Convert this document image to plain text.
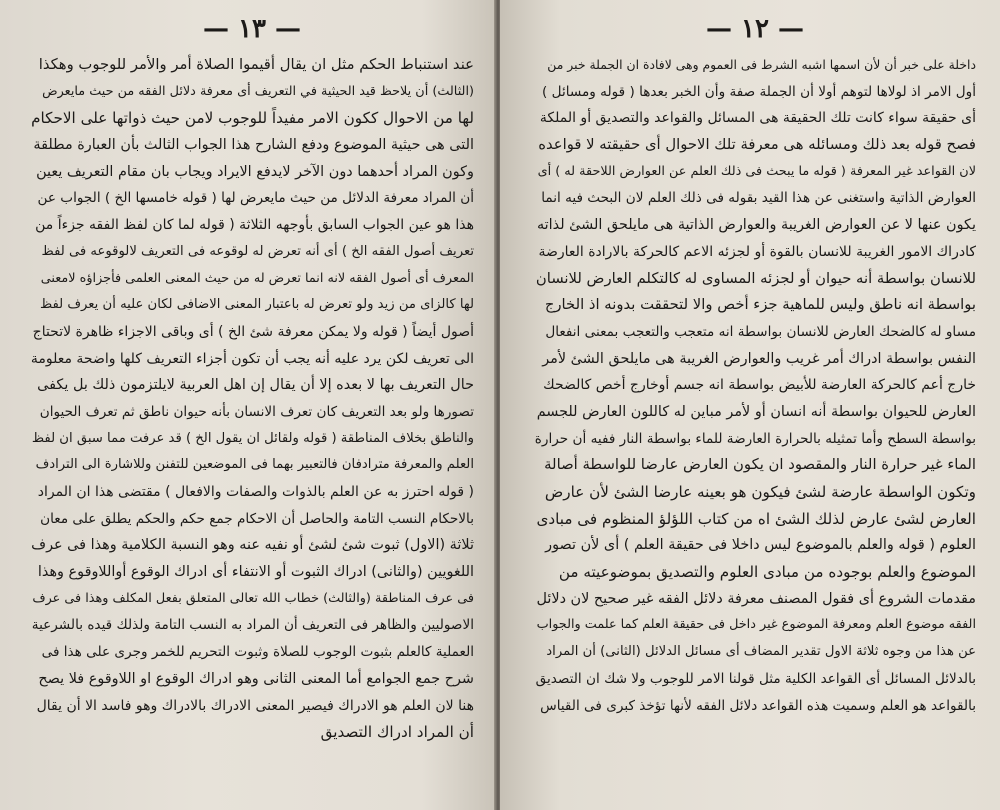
— ١٣ —
عند استنباط الحكم مثل ان يقال أقيموا الصلاة أمر والأمر للوجوب وهكذا
(الثالث) أن يلاحظ قيد الحيثية في التعريف أى معرفة دلائل الفقه من حيث مايعرض
لها من الاحوال ككون الامر مفيداً للوجوب لامن حيث ذواتها على الاحكام
التى هى حيثية الموضوع ودفع الشارح هذا الجواب الثالث بأن العبارة مطلقة
وكون المراد أحدهما دون الآخر لايدفع الايراد ويجاب بان مقام التعريف يعين
أن المراد معرفة الدلائل من حيث مايعرض لها ( قوله خامسها الخ ) الجواب عن
هذا هو عين الجواب السابق بأوجهه الثلاثة ( قوله لما كان لفظ الفقه جزءاً من
تعريف أصول الفقه الخ ) أى أنه تعرض له لوقوعه فى التعريف لالوقوعه فى لفظ
المعرف أى أصول الفقه لانه انما تعرض له من حيث المعنى العلمى فأجزاؤه لامعنى
لها كالزاى من زيد ولو تعرض له باعتبار المعنى الاضافى لكان عليه أن يعرف لفظ
أصول أيضاً ( قوله ولا يمكن معرفة شئ الخ ) أى وباقى الاجزاء ظاهرة لاتحتاج
الى تعريف لكن يرد عليه أنه يجب أن تكون أجزاء التعريف كلها واضحة معلومة
حال التعريف بها لا بعده إلا أن يقال إن اهل العربية لايلتزمون ذلك بل يكفى
تصورها ولو بعد التعريف كان تعرف الانسان بأنه حيوان ناطق ثم تعرف الحيوان
والناطق بخلاف المناطقة ( قوله ولقائل ان يقول الخ ) قد عرفت مما سبق ان لفظ
العلم والمعرفة مترادفان فالتعبير بهما فى الموضعين للتفنن وللاشارة الى الترادف
( قوله احترز به عن العلم بالذوات والصفات والافعال ) مقتضى هذا ان المراد
بالاحكام النسب التامة والحاصل أن الاحكام جمع حكم والحكم يطلق على معان
ثلاثة (الاول) ثبوت شئ لشئ أو نفيه عنه وهو النسبة الكلامية وهذا فى عرف
اللغويين (والثانى) ادراك الثبوت أو الانتفاء أى ادراك الوقوع أواللاوقوع وهذا
فى عرف المناطقة (والثالث) خطاب الله تعالى المتعلق بفعل المكلف وهذا فى عرف
الاصوليين والظاهر فى التعريف أن المراد به النسب التامة ولذلك قيده بالشرعية
العملية كالعلم بثبوت الوجوب للصلاة وثبوت التحريم للخمر وجرى على هذا فى
شرح جمع الجوامع أما المعنى الثانى وهو ادراك الوقوع او اللاوقوع فلا يصح
هنا لان العلم هو الادراك فيصير المعنى الادراك بالادراك وهو فاسد الا أن يقال
أن المراد ادراك التصديق
— ١٢ —
داخلة على خبر أن لأن اسمها اشبه الشرط فى العموم وهى لافادة ان الجملة خبر من
أول الامر اذ لولاها لتوهم أولا أن الجملة صفة وأن الخبر بعدها ( قوله ومسائل )
أى حقيقة سواء كانت تلك الحقيقة هى المسائل والقواعد والتصديق أو الملكة
فصح قوله بعد ذلك ومسائله هى معرفة تلك الاحوال أى حقيقته لا قواعده
لان القواعد غير المعرفة ( قوله ما يبحث فى ذلك العلم عن العوارض اللاحقة له ) أى
العوارض الذاتية واستغنى عن هذا القيد بقوله فى ذلك العلم لان البحث فيه انما
يكون عنها لا عن العوارض الغريبة والعوارض الذاتية هى مايلحق الشئ لذاته
كادراك الامور الغريبة للانسان بالقوة أو لجزئه الاعم كالحركة بالارادة العارضة
للانسان بواسطة أنه حيوان أو لجزئه المساوى له كالتكلم العارض للانسان
بواسطة انه ناطق وليس للماهية جزء أخص والا لتحققت بدونه اذ الخارج
مساو له كالضحك العارض للانسان بواسطة انه متعجب والتعجب بمعنى انفعال
النفس بواسطة ادراك أمر غريب والعوارض الغريبة هى مايلحق الشئ لأمر
خارج أعم كالحركة العارضة للأبيض بواسطة انه جسم أوخارج أخص كالضحك
العارض للحيوان بواسطة أنه انسان أو لأمر مباين له كاللون العارض للجسم
بواسطة السطح وأما تمثيله بالحرارة العارضة للماء بواسطة النار ففيه أن حرارة
الماء غير حرارة النار والمقصود ان يكون العارض عارضا للواسطة أصالة
وتكون الواسطة عارضة لشئ فيكون هو بعينه عارضا الشئ لأن عارض
العارض لشئ عارض لذلك الشئ اه من كتاب اللؤلؤ المنظوم فى مبادى
العلوم ( قوله والعلم بالموضوع ليس داخلا فى حقيقة العلم ) أى لأن تصور
الموضوع والعلم بوجوده من مبادى العلوم والتصديق بموضوعيته من
مقدمات الشروع أى فقول المصنف معرفة دلائل الفقه غير صحيح لان دلائل
الفقه موضوع العلم ومعرفة الموضوع غير داخل فى حقيقة العلم كما علمت والجواب
عن هذا من وجوه ثلاثة الاول تقدير المضاف أى مسائل الدلائل (الثانى) أن المراد
بالدلائل المسائل أى القواعد الكلية مثل قولنا الامر للوجوب ولا شك ان التصديق
بالقواعد هو العلم وسميت هذه القواعد دلائل الفقه لأنها تؤخذ كبرى فى القياس
